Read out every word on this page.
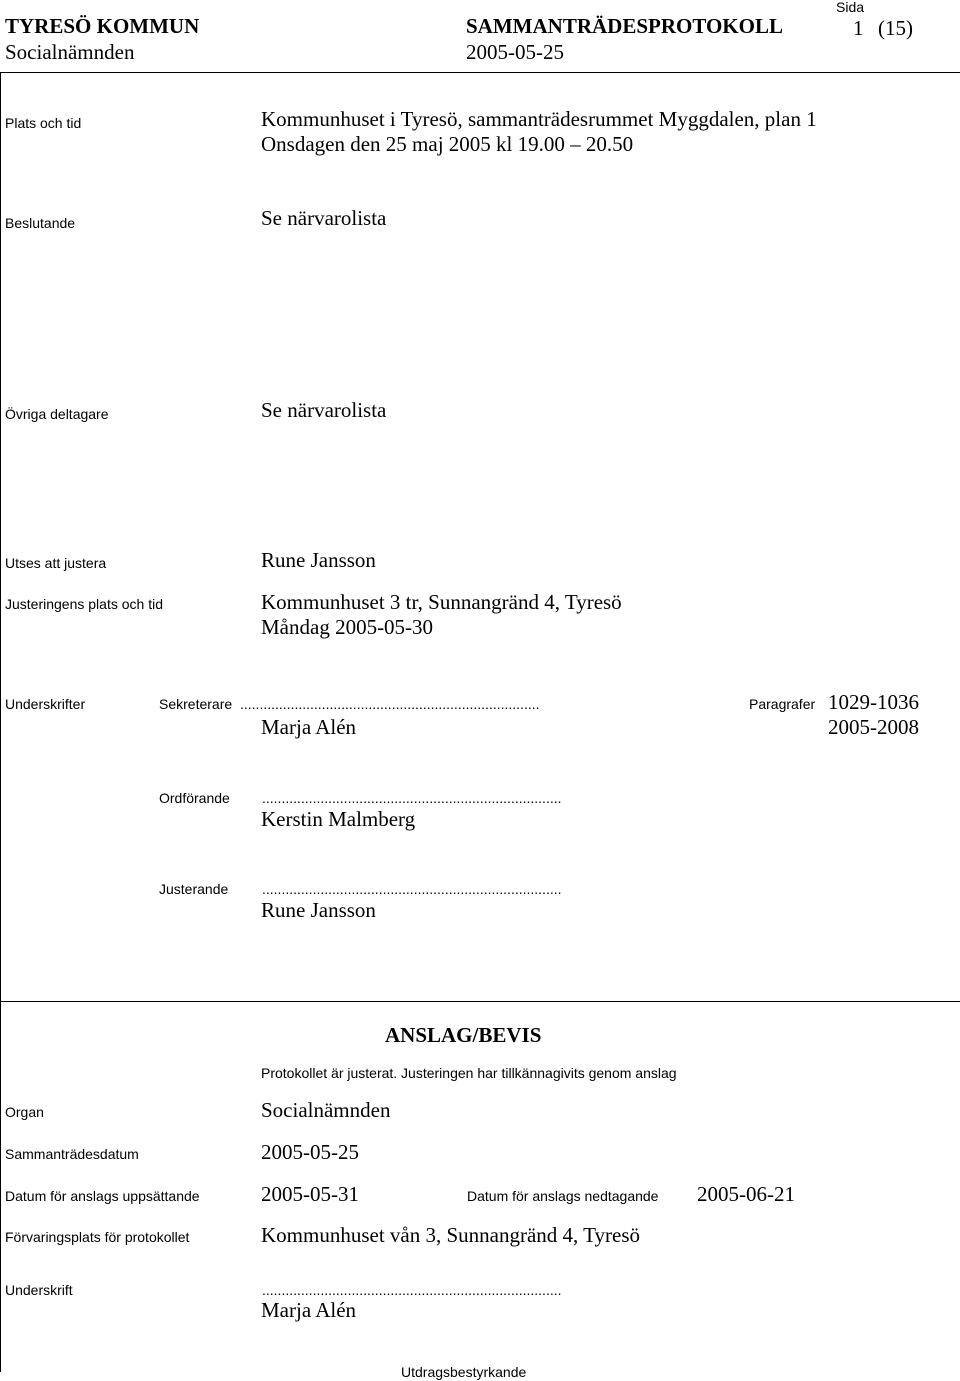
TYRESÖ KOMMUN
Socialnämnden
SAMMANTRÄDESPROTOKOLL
2005-05-25
Sida
1 (15)
Plats och tid	Kommunhuset i Tyresö, sammanträdesrummet Myggdalen, plan 1
Onsdagen den 25 maj 2005 kl 19.00 – 20.50
Beslutande	Se närvarolista
Övriga deltagare	Se närvarolista
Utses att justera	Rune Jansson
Justeringens plats och tid	Kommunhuset 3 tr, Sunnangränd 4, Tyresö
Måndag 2005-05-30
Underskrifter	Sekreterare .............................................................................	Paragrafer 1029-1036
Marja Alén	2005-2008
Ordförande .............................................................................
Kerstin Malmberg
Justerande .............................................................................
Rune Jansson
ANSLAG/BEVIS
Protokollet är justerat. Justeringen har tillkännagivits genom anslag
Organ	Socialnämnden
Sammanträdesdatum	2005-05-25
Datum för anslags uppsättande	2005-05-31	Datum för anslags nedtagande 2005-06-21
Förvaringsplats för protokollet	Kommunhuset vån 3, Sunnangränd 4, Tyresö
Underskrift	.............................................................................
Marja Alén
Utdragsbestyrkande
